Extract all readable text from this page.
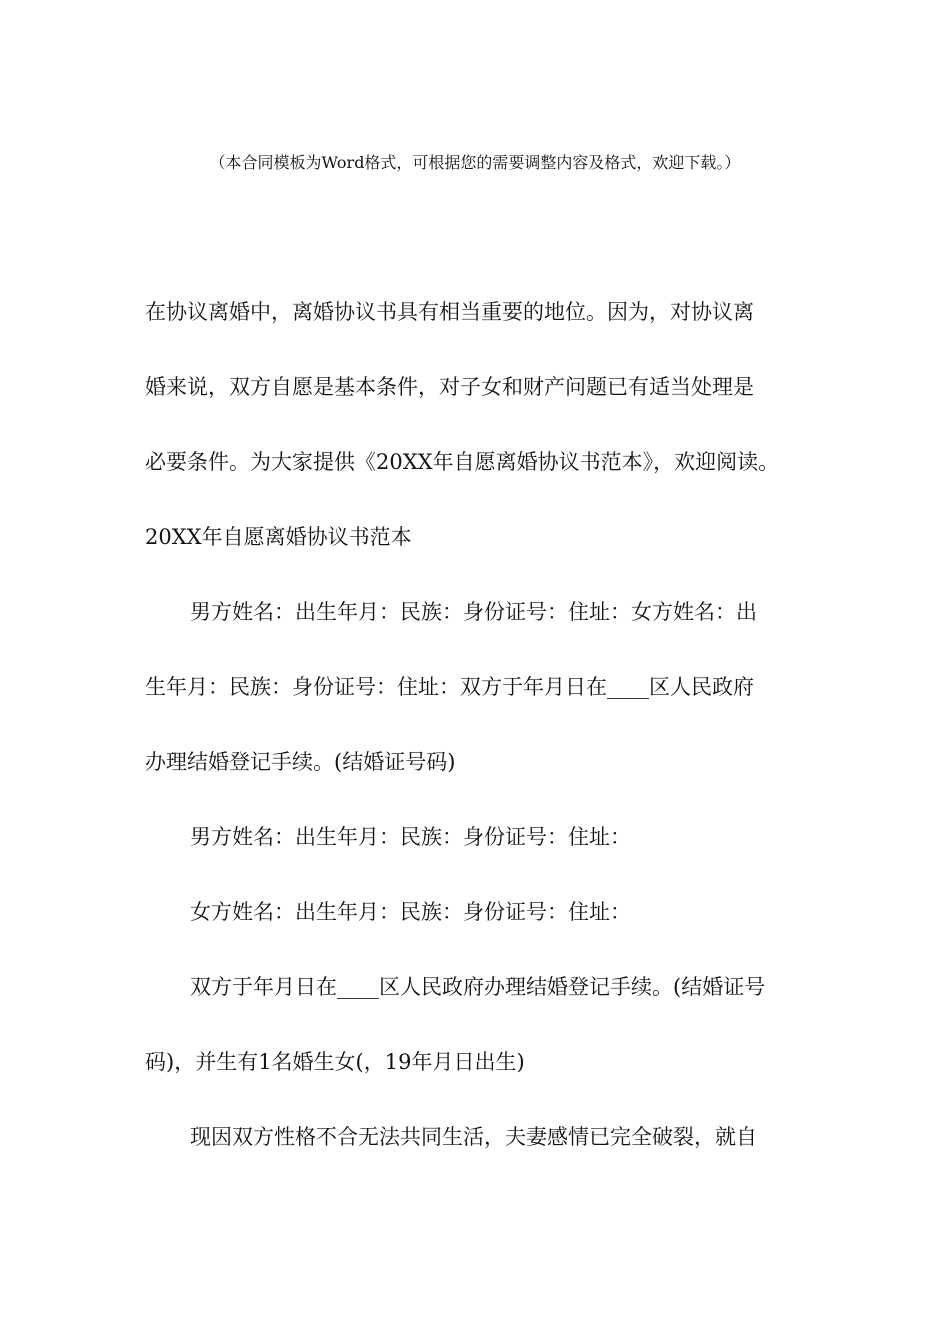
（本合同模板为Word格式，可根据您的需要调整内容及格式，欢迎下载。）
在协议离婚中，离婚协议书具有相当重要的地位。因为，对协议离
婚来说，双方自愿是基本条件，对子女和财产问题已有适当处理是
必要条件。为大家提供《20XX年自愿离婚协议书范本》，欢迎阅读。
20XX年自愿离婚协议书范本
男方姓名：出生年月：民族：身份证号：住址：女方姓名：出
生年月：民族：身份证号：住址：双方于年月日在____区人民政府
办理结婚登记手续。(结婚证号码)
男方姓名：出生年月：民族：身份证号：住址：
女方姓名：出生年月：民族：身份证号：住址：
双方于年月日在____区人民政府办理结婚登记手续。(结婚证号
码)，并生有1名婚生女(，19年月日出生)
现因双方性格不合无法共同生活，夫妻感情已完全破裂，就自
